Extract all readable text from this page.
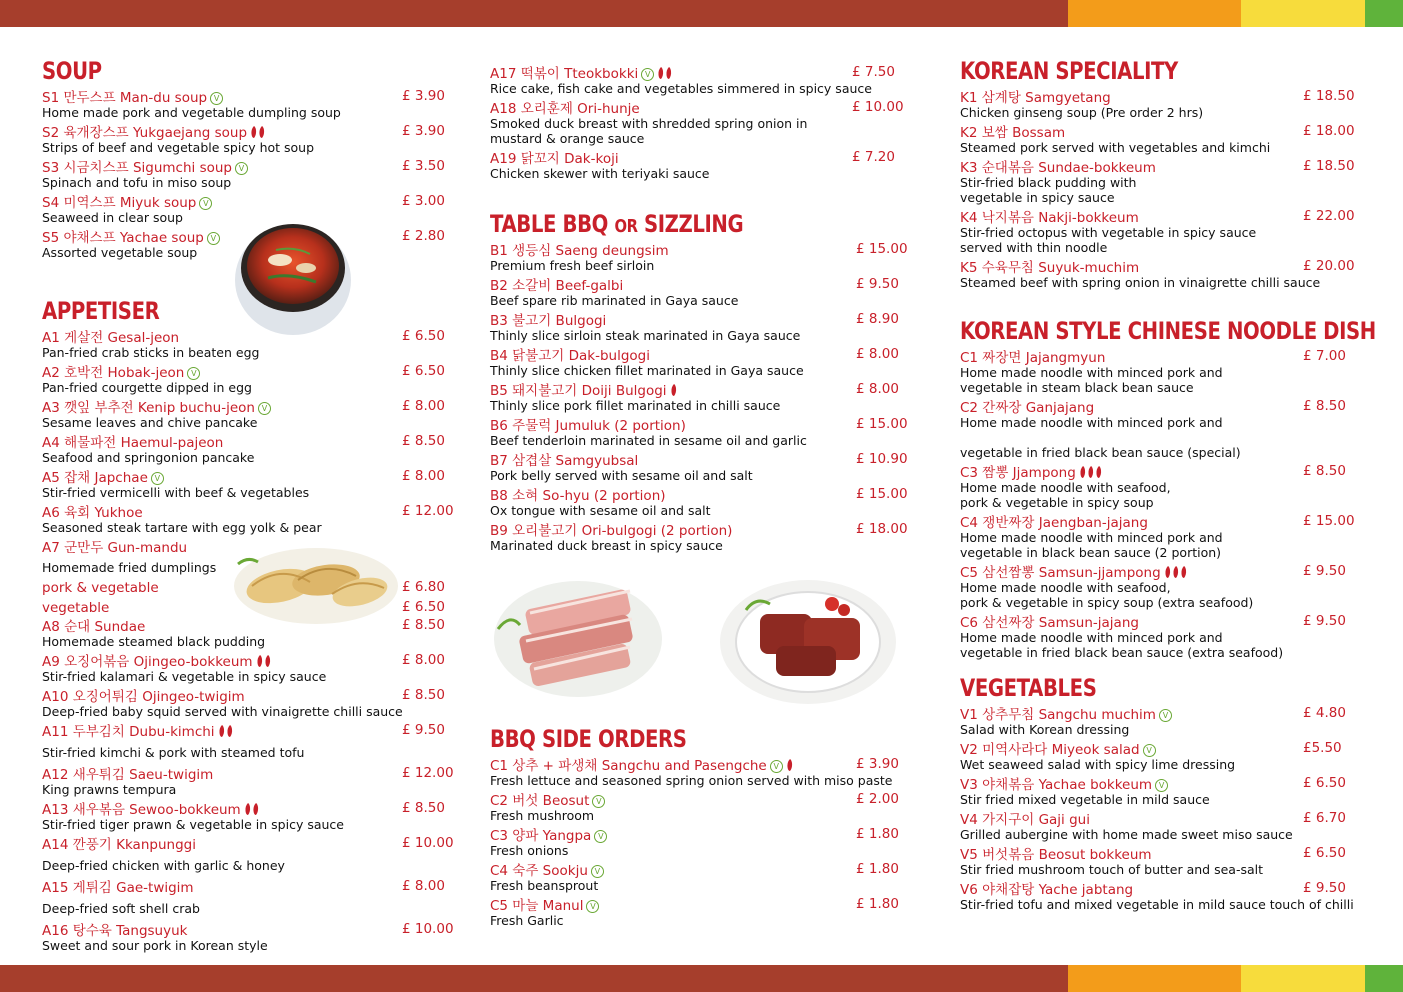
SOUP
S1 만두스프 Man-du soup V	£ 3.90
Home made pork and vegetable dumpling soup
S2 육개장스프 Yukgaejang soup	£ 3.90
Strips of beef and vegetable spicy hot soup
S3 시금치스프 Sigumchi soup V	£ 3.50
Spinach and tofu in miso soup
S4 미역스프 Miyuk soup V	£ 3.00
Seaweed in clear soup
S5 야채스프 Yachae soup V	£ 2.80
Assorted vegetable soup
APPETISER
A1 게살전 Gesal-jeon	£ 6.50
Pan-fried crab sticks in beaten egg
A2 호박전 Hobak-jeon V	£ 6.50
Pan-fried courgette dipped in egg
A3 깻잎 부추전 Kenip buchu-jeon V	£ 8.00
Sesame leaves and chive pancake
A4 해물파전 Haemul-pajeon	£ 8.50
Seafood and springonion pancake
A5 잡채 Japchae V	£ 8.00
Stir-fried vermicelli with beef & vegetables
A6 육회 Yukhoe	£ 12.00
Seasoned steak tartare with egg yolk & pear
A7 군만두 Gun-mandu
Homemade fried dumplings
pork & vegetable	£ 6.80
vegetable	£ 6.50
A8 순대 Sundae	£ 8.50
Homemade steamed black pudding
A9 오징어볶음 Ojingeo-bokkeum	£ 8.00
Stir-fried kalamari & vegetable in spicy sauce
A10 오징어튀김 Ojingeo-twigim	£ 8.50
Deep-fried baby squid served with vinaigrette chilli sauce
A11 두부김치 Dubu-kimchi	£ 9.50
Stir-fried kimchi & pork with steamed tofu
A12 새우튀김 Saeu-twigim	£ 12.00
King prawns tempura
A13 새우볶음 Sewoo-bokkeum	£ 8.50
Stir-fried tiger prawn & vegetable in spicy sauce
A14 깐풍기 Kkanpunggi	£ 10.00
Deep-fried chicken with garlic & honey
A15 게튀김 Gae-twigim	£ 8.00
Deep-fried soft shell crab
A16 탕수육 Tangsuyuk	£ 10.00
Sweet and sour pork in Korean style
A17 떡볶이 Tteokbokki V	£ 7.50
Rice cake, fish cake and vegetables simmered in spicy sauce
A18 오리훈제 Ori-hunje	£ 10.00
Smoked duck breast with shredded spring onion in
mustard & orange sauce
A19 닭꼬지 Dak-koji	£ 7.20
Chicken skewer with teriyaki sauce
TABLE BBQ OR SIZZLING
B1 생등심 Saeng deungsim	£ 15.00
Premium fresh beef sirloin
B2 소갈비 Beef-galbi	£ 9.50
Beef spare rib marinated in Gaya sauce
B3 불고기 Bulgogi	£ 8.90
Thinly slice sirloin steak marinated in Gaya sauce
B4 닭불고기 Dak-bulgogi	£ 8.00
Thinly slice chicken fillet marinated in Gaya sauce
B5 돼지불고기 Doiji Bulgogi	£ 8.00
Thinly slice pork fillet marinated in chilli sauce
B6 주물럭 Jumuluk (2 portion)	£ 15.00
Beef tenderloin marinated in sesame oil and garlic
B7 삼겹살 Samgyubsal	£ 10.90
Pork belly served with sesame oil and salt
B8 소혀 So-hyu (2 portion)	£ 15.00
Ox tongue with sesame oil and salt
B9 오리불고기 Ori-bulgogi (2 portion)	£ 18.00
Marinated duck breast in spicy sauce
BBQ SIDE ORDERS
C1 상추 + 파생채 Sangchu and Pasengche V	£ 3.90
Fresh lettuce and seasoned spring onion served with miso paste
C2 버섯 Beosut V	£ 2.00
Fresh mushroom
C3 양파 Yangpa V	£ 1.80
Fresh onions
C4 숙주 Sookju V	£ 1.80
Fresh beansprout
C5 마늘 Manul V	£ 1.80
Fresh Garlic
KOREAN SPECIALITY
K1 삼계탕 Samgyetang	£ 18.50
Chicken ginseng soup (Pre order 2 hrs)
K2 보쌈 Bossam	£ 18.00
Steamed pork served with vegetables and kimchi
K3 순대볶음 Sundae-bokkeum	£ 18.50
Stir-fried black pudding with
vegetable in spicy sauce
K4 낙지볶음 Nakji-bokkeum	£ 22.00
Stir-fried octopus with vegetable in spicy sauce
served with thin noodle
K5 수육무침 Suyuk-muchim	£ 20.00
Steamed beef with spring onion in vinaigrette chilli sauce
KOREAN STYLE CHINESE NOODLE DISH
C1 짜장면 Jajangmyun	£ 7.00
Home made noodle with minced pork and
vegetable in steam black bean sauce
C2 간짜장 Ganjajang	£ 8.50
Home made noodle with minced pork and
vegetable in fried black bean sauce (special)
C3 짬뽕 Jjampong	£ 8.50
Home made noodle with seafood,
pork & vegetable in spicy soup
C4 쟁반짜장 Jaengban-jajang	£ 15.00
Home made noodle with minced pork and
vegetable in black bean sauce (2 portion)
C5 삼선짬뽕 Samsun-jjampong	£ 9.50
Home made noodle with seafood,
pork & vegetable in spicy soup (extra seafood)
C6 삼선짜장 Samsun-jajang	£ 9.50
Home made noodle with minced pork and
vegetable in fried black bean sauce (extra seafood)
VEGETABLES
V1 상추무침 Sangchu muchim V	£ 4.80
Salad with Korean dressing
V2 미역사라다 Miyeok salad V	£5.50
Wet seaweed salad with spicy lime dressing
V3 야채볶음 Yachae bokkeum V	£ 6.50
Stir fried mixed vegetable in mild sauce
V4 가지구이 Gaji gui	£ 6.70
Grilled aubergine with home made sweet miso sauce
V5 버섯볶음 Beosut bokkeum	£ 6.50
Stir fried mushroom touch of butter and sea-salt
V6 야채잡탕 Yache jabtang	£ 9.50
Stir-fried tofu and mixed vegetable in mild sauce touch of chilli
